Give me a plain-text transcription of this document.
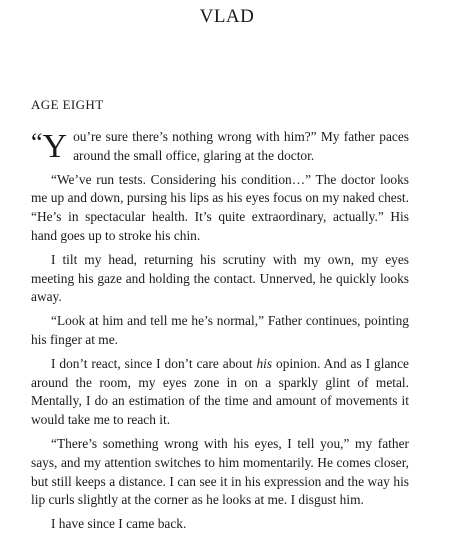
VLAD
AGE EIGHT

“Y ou’re sure there’s nothing wrong with him?” My father paces around the small office, glaring at the doctor.

“We’ve run tests. Considering his condition…” The doctor looks me up and down, pursing his lips as his eyes focus on my naked chest. “He’s in spectacular health. It’s quite extraordinary, actually.” His hand goes up to stroke his chin.

I tilt my head, returning his scrutiny with my own, my eyes meeting his gaze and holding the contact. Unnerved, he quickly looks away.

“Look at him and tell me he’s normal,” Father continues, pointing his finger at me.

I don’t react, since I don’t care about his opinion. And as I glance around the room, my eyes zone in on a sparkly glint of metal. Mentally, I do an estimation of the time and amount of movements it would take me to reach it.

“There’s something wrong with his eyes, I tell you,” my father says, and my attention switches to him momentarily. He comes closer, but still keeps a distance. I can see it in his expression and the way his lip curls slightly at the corner as he looks at me. I disgust him.

I have since I came back.
